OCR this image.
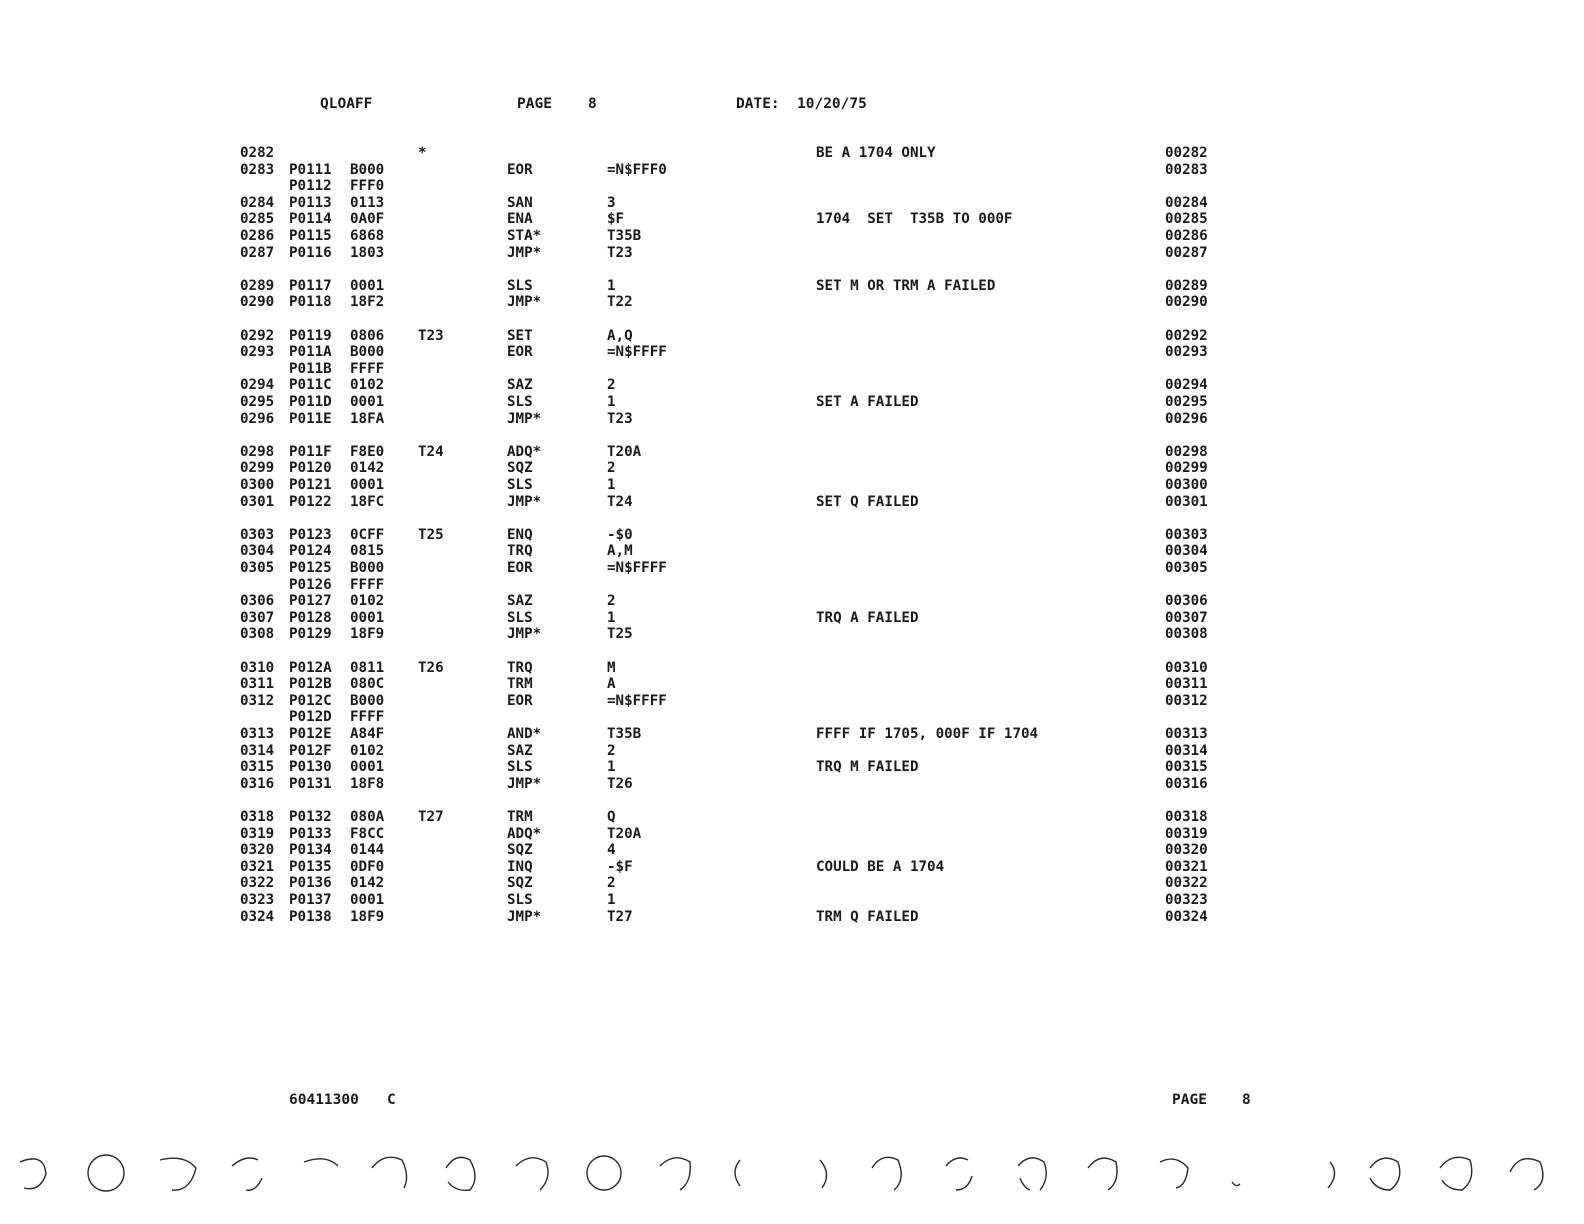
QLOAFF	PAGE 8	DATE: 10/20/75
0282	*	BE A 1704 ONLY	00282
0283 P0111 B000	EOR	=N$FFF0	00283
P0112 FFF0
0284 P0113 0113	SAN	3	00284
0285 P0114 0A0F	ENA	$F	1704  SET  T35B TO 000F	00285
0286 P0115 6868	STA*	T35B	00286
0287 P0116 1803	JMP*	T23	00287
0289 P0117 0001	SLS	1	SET M OR TRM A FAILED	00289
0290 P0118 18F2	JMP*	T22	00290
0292 P0119 0806 T23	SET	A,Q	00292
0293 P011A B000	EOR	=N$FFFF	00293
P011B FFFF
0294 P011C 0102	SAZ	2	00294
0295 P011D 0001	SLS	1	SET A FAILED	00295
0296 P011E 18FA	JMP*	T23	00296
0298 P011F F8E0 T24	ADQ*	T20A	00298
0299 P0120 0142	SQZ	2	00299
0300 P0121 0001	SLS	1	00300
0301 P0122 18FC	JMP*	T24	SET Q FAILED	00301
0303 P0123 0CFF T25	ENQ	-$0	00303
0304 P0124 0815	TRQ	A,M	00304
0305 P0125 B000	EOR	=N$FFFF	00305
P0126 FFFF
0306 P0127 0102	SAZ	2	00306
0307 P0128 0001	SLS	1	TRQ A FAILED	00307
0308 P0129 18F9	JMP*	T25	00308
0310 P012A 0811 T26	TRQ	M	00310
0311 P012B 080C	TRM	A	00311
0312 P012C B000	EOR	=N$FFFF	00312
P012D FFFF
0313 P012E A84F	AND*	T35B	FFFF IF 1705, 000F IF 1704	00313
0314 P012F 0102	SAZ	2	00314
0315 P0130 0001	SLS	1	TRQ M FAILED	00315
0316 P0131 18F8	JMP*	T26	00316
0318 P0132 080A T27	TRM	Q	00318
0319 P0133 F8CC	ADQ*	T20A	00319
0320 P0134 0144	SQZ	4	00320
0321 P0135 0DF0	INQ	-$F	COULD BE A 1704	00321
0322 P0136 0142	SQZ	2	00322
0323 P0137 0001	SLS	1	00323
0324 P0138 18F9	JMP*	T27	TRM Q FAILED	00324
60411300 C	PAGE 8
